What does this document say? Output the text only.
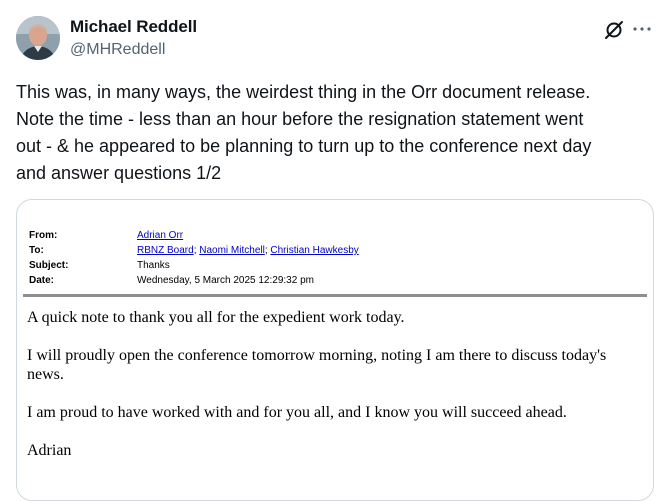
Michael Reddell
@MHReddell
This was, in many ways, the weirdest thing in the Orr document release.
Note the time - less than an hour before the resignation statement went
out - & he appeared to be planning to turn up to the conference next day
and answer questions 1/2
From:	Adrian Orr
To:	RBNZ Board; Naomi Mitchell; Christian Hawkesby
Subject:	Thanks
Date:	Wednesday, 5 March 2025 12:29:32 pm

A quick note to thank you all for the expedient work today.

I will proudly open the conference tomorrow morning, noting I am there to discuss today's news.

I am proud to have worked with and for you all, and I know you will succeed ahead.

Adrian
